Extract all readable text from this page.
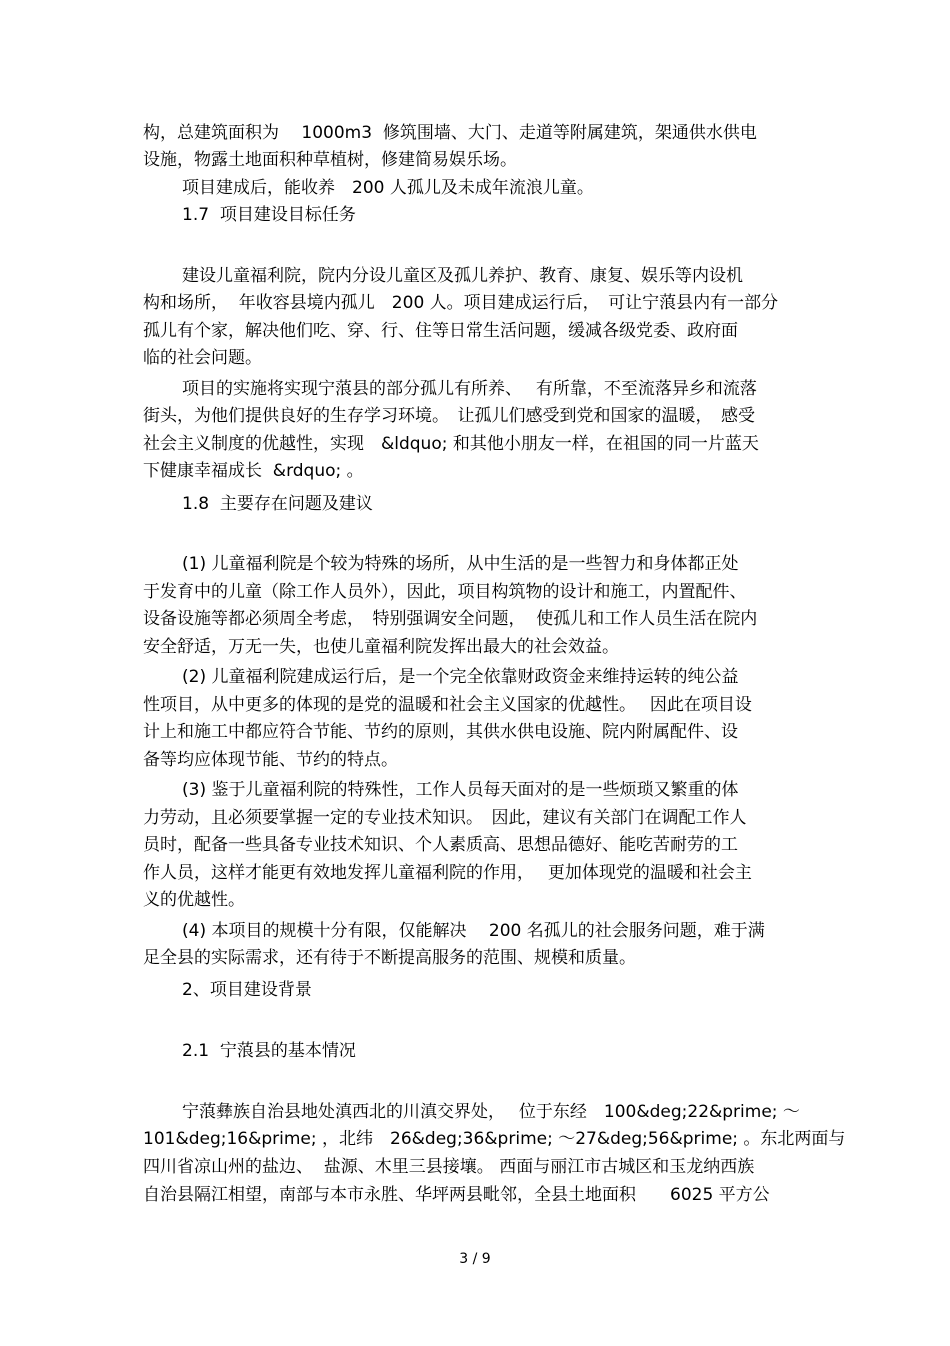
构，总建筑面积为　 1000m3  修筑围墙、大门、走道等附属建筑，架通供水供电
设施，物露土地面积种草植树，修建简易娱乐场。
项目建成后，能收养　200 人孤儿及未成年流浪儿童。
1.7  项目建设目标任务
建设儿童福利院，院内分设儿童区及孤儿养护、教育、康复、娱乐等内设机
构和场所，  年收容县境内孤儿　200 人。项目建成运行后，　可让宁蒗县内有一部分
孤儿有个家，解决他们吃、穿、行、住等日常生活问题，缓减各级党委、政府面
临的社会问题。
项目的实施将实现宁蒗县的部分孤儿有所养、　 有所靠，不至流落异乡和流落
街头，为他们提供良好的生存学习环境。　让孤儿们感受到党和国家的温暖，　感受
社会主义制度的优越性，实现　&ldquo; 和其他小朋友一样，在祖国的同一片蓝天
下健康幸福成长  &rdquo; 。
1.8  主要存在问题及建议
(1) 儿童福利院是个较为特殊的场所，从中生活的是一些智力和身体都正处
于发育中的儿童（除工作人员外），因此，项目构筑物的设计和施工，内置配件、
设备设施等都必须周全考虑，　特别强调安全问题，  使孤儿和工作人员生活在院内
安全舒适，万无一失，也使儿童福利院发挥出最大的社会效益。
(2) 儿童福利院建成运行后，是一个完全依靠财政资金来维持运转的纯公益
性项目，从中更多的体现的是党的温暖和社会主义国家的优越性。　 因此在项目设
计上和施工中都应符合节能、节约的原则，其供水供电设施、院内附属配件、设
备等均应体现节能、节约的特点。
(3) 鉴于儿童福利院的特殊性，工作人员每天面对的是一些烦琐又繁重的体
力劳动，且必须要掌握一定的专业技术知识。　因此，建议有关部门在调配工作人
员时，配备一些具备专业技术知识、个人素质高、思想品德好、能吃苦耐劳的工
作人员，这样才能更有效地发挥儿童福利院的作用，　 更加体现党的温暖和社会主
义的优越性。
(4) 本项目的规模十分有限，仅能解决　 200 名孤儿的社会服务问题，难于满
足全县的实际需求，还有待于不断提高服务的范围、规模和质量。
2、项目建设背景
2.1  宁蒗县的基本情况
宁蒗彝族自治县地处滇西北的川滇交界处，　 位于东经　100&deg;22&prime; ～
101&deg;16&prime; ，北纬　26&deg;36&prime; ～27&deg;56&prime; 。东北两面与
四川省凉山州的盐边、  盐源、木里三县接壤。 西面与丽江市古城区和玉龙纳西族
自治县隔江相望，南部与本市永胜、华坪两县毗邻，全县土地面积　　6025 平方公
3 / 9
